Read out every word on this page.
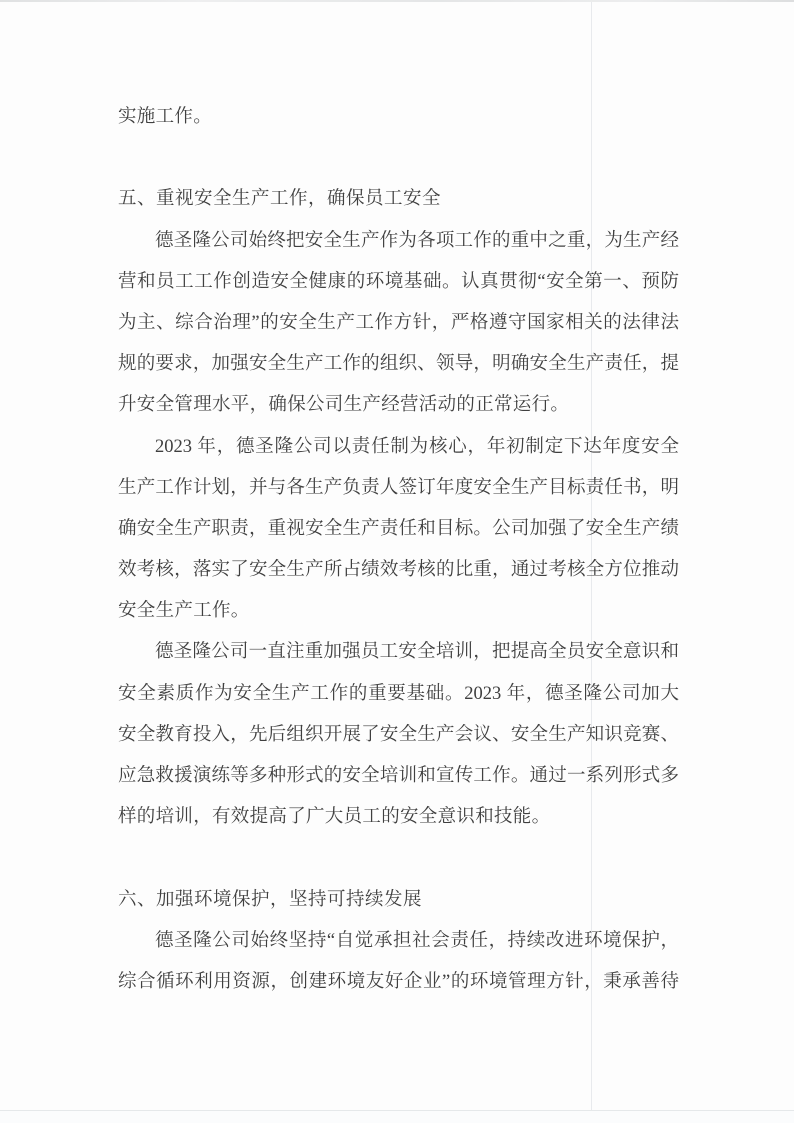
实施工作。
五、重视安全生产工作，确保员工安全
德圣隆公司始终把安全生产作为各项工作的重中之重，为生产经
营和员工工作创造安全健康的环境基础。认真贯彻“安全第一、预防
为主、综合治理”的安全生产工作方针，严格遵守国家相关的法律法
规的要求，加强安全生产工作的组织、领导，明确安全生产责任，提
升安全管理水平，确保公司生产经营活动的正常运行。
2023 年，德圣隆公司以责任制为核心，年初制定下达年度安全
生产工作计划，并与各生产负责人签订年度安全生产目标责任书，明
确安全生产职责，重视安全生产责任和目标。公司加强了安全生产绩
效考核，落实了安全生产所占绩效考核的比重，通过考核全方位推动
安全生产工作。
德圣隆公司一直注重加强员工安全培训，把提高全员安全意识和
安全素质作为安全生产工作的重要基础。2023 年，德圣隆公司加大
安全教育投入，先后组织开展了安全生产会议、安全生产知识竞赛、
应急救援演练等多种形式的安全培训和宣传工作。通过一系列形式多
样的培训，有效提高了广大员工的安全意识和技能。
六、加强环境保护，坚持可持续发展
德圣隆公司始终坚持“自觉承担社会责任，持续改进环境保护，
综合循环利用资源，创建环境友好企业”的环境管理方针，秉承善待
